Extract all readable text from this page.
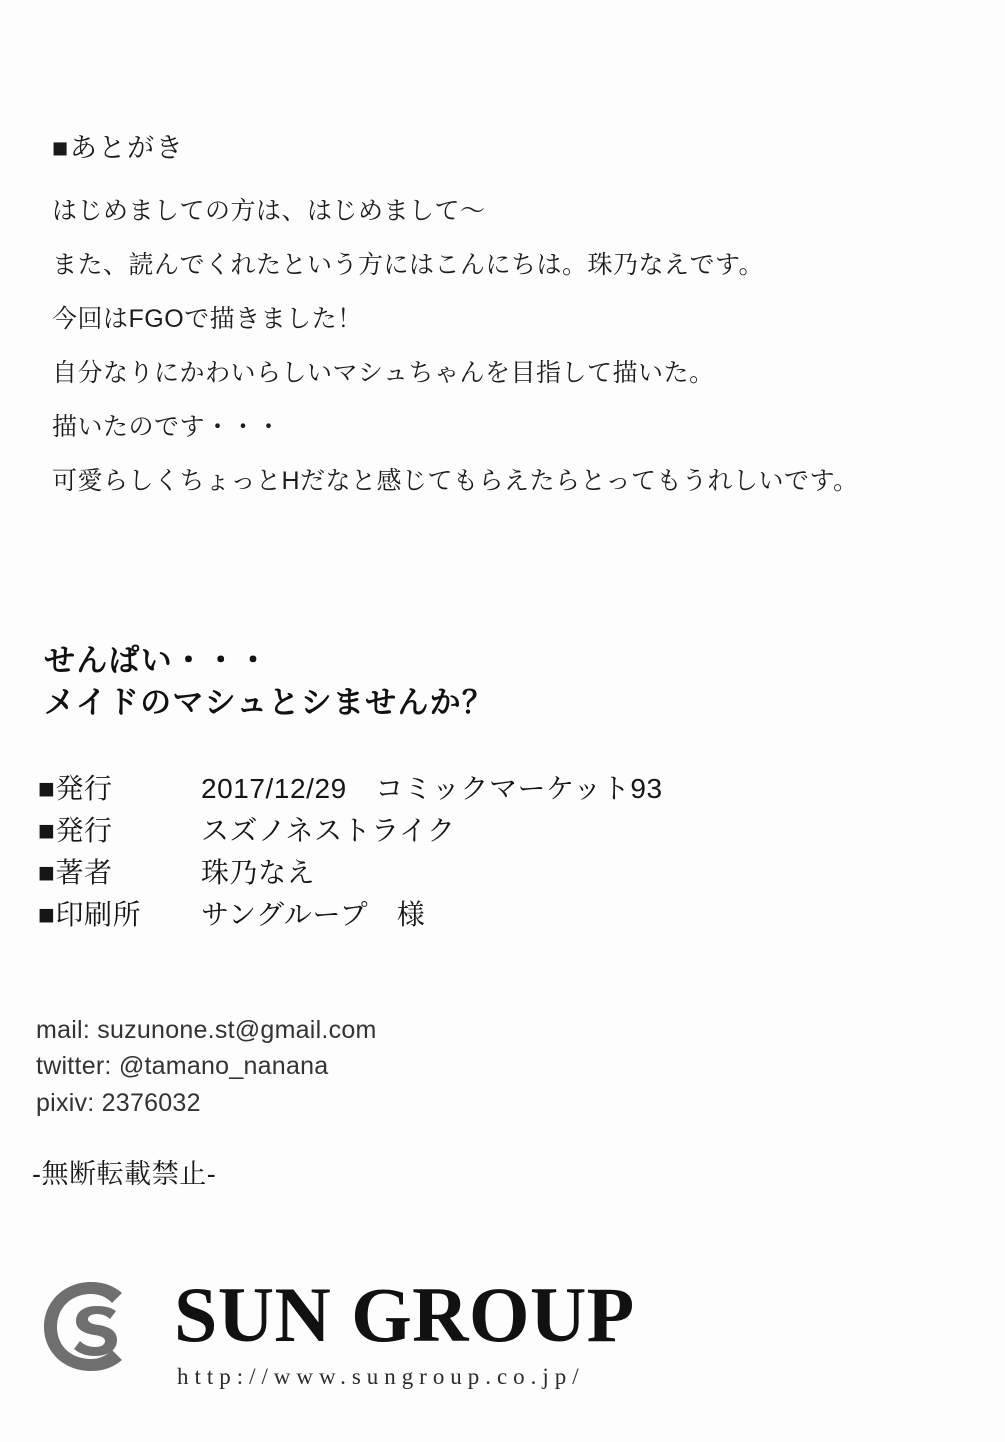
■あとがき

はじめましての方は、はじめまして〜

また、読んでくれたという方にはこんにちは。珠乃なえです。

今回はFGOで描きました！

自分なりにかわいらしいマシュちゃんを目指して描いた。

描いたのです・・・

可愛らしくちょっとHだなと感じてもらえたらとってもうれしいです。

せんぱい・・・

メイドのマシュとシませんか？

■発行	2017/12/29　コミックマーケット93
■発行	スズノネストライク
■著者	珠乃なえ
■印刷所	サングループ　様

mail: suzunone.st@gmail.com

twitter: @tamano_nanana

pixiv: 2376032

-無断転載禁止-
SUN GROUP
http://www.sungroup.co.jp/
